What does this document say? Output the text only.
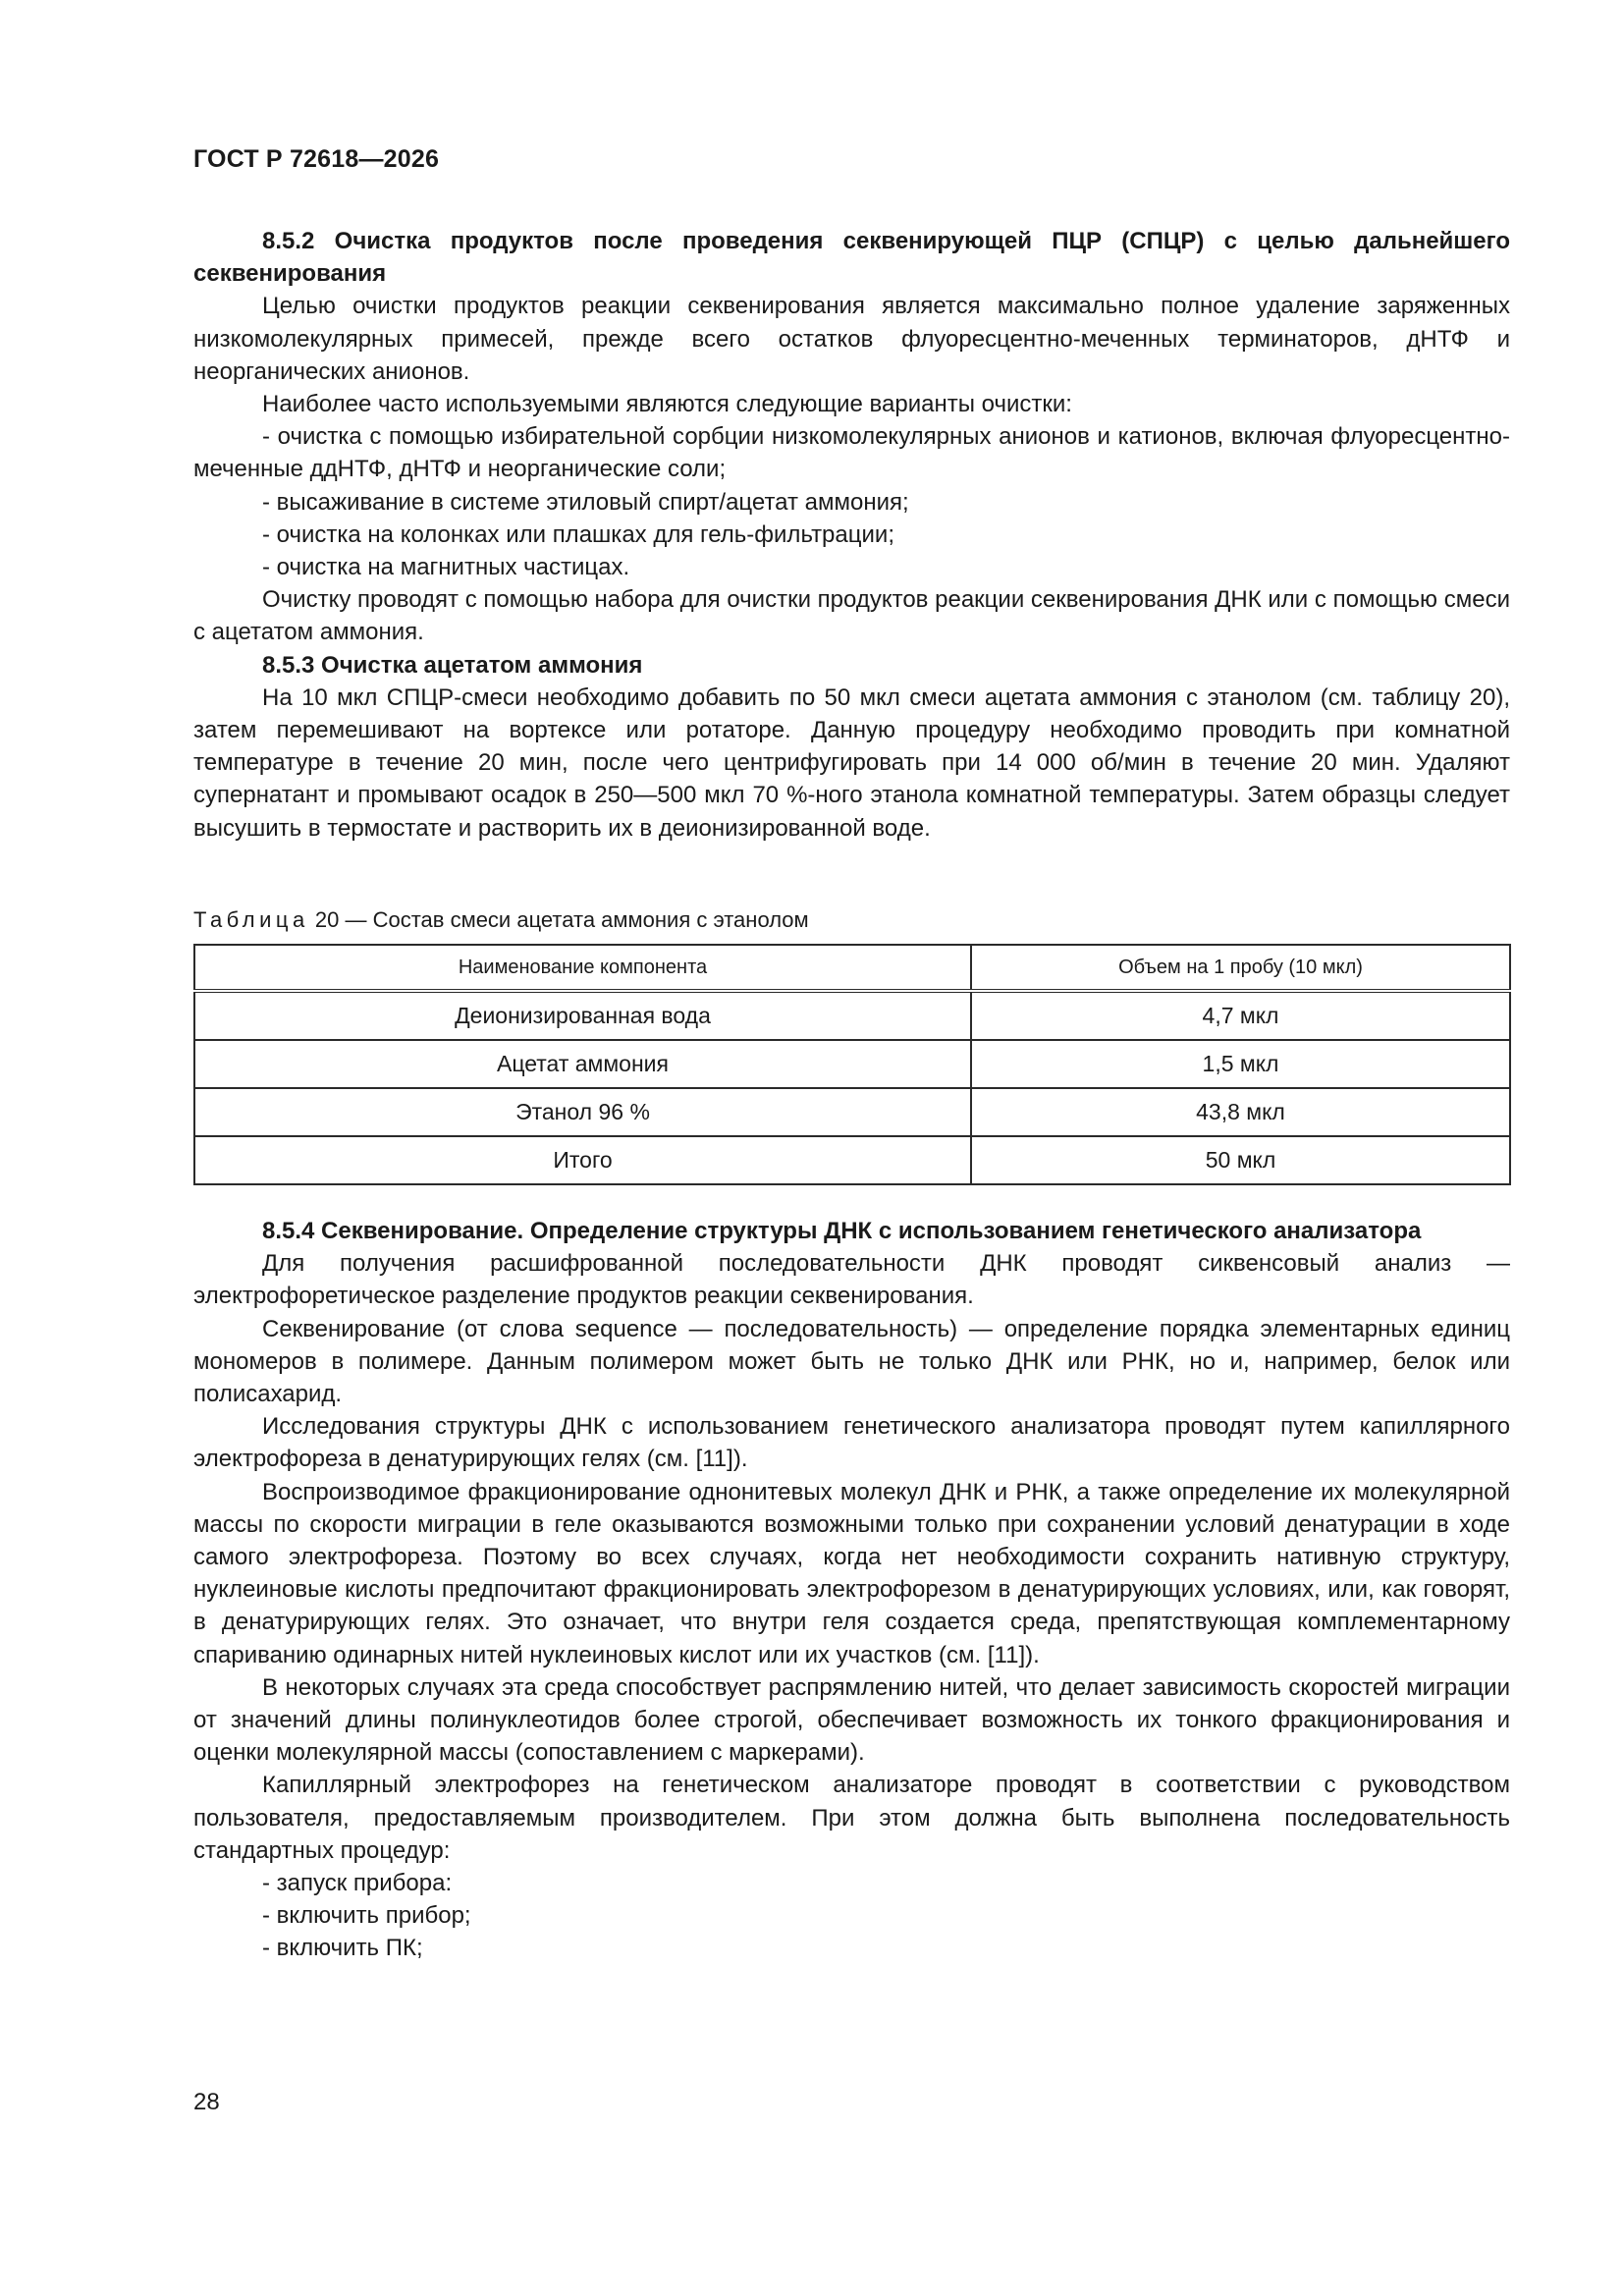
ГОСТ Р 72618—2026

8.5.2 Очистка продуктов после проведения секвенирующей ПЦР (СПЦР) с целью дальнейшего секвенирования

Целью очистки продуктов реакции секвенирования является максимально полное удаление заряженных низкомолекулярных примесей, прежде всего остатков флуоресцентно-меченных терминаторов, дНТФ и неорганических анионов.

Наиболее часто используемыми являются следующие варианты очистки:

- очистка с помощью избирательной сорбции низкомолекулярных анионов и катионов, включая флуоресцентно-меченные ддНТФ, дНТФ и неорганические соли;

- высаживание в системе этиловый спирт/ацетат аммония;

- очистка на колонках или плашках для гель-фильтрации;

- очистка на магнитных частицах.

Очистку проводят с помощью набора для очистки продуктов реакции секвенирования ДНК или с помощью смеси с ацетатом аммония.

8.5.3 Очистка ацетатом аммония

На 10 мкл СПЦР-смеси необходимо добавить по 50 мкл смеси ацетата аммония с этанолом (см. таблицу 20), затем перемешивают на вортексе или ротаторе. Данную процедуру необходимо проводить при комнатной температуре в течение 20 мин, после чего центрифугировать при 14 000 об/мин в течение 20 мин. Удаляют супернатант и промывают осадок в 250—500 мкл 70 %-ного этанола комнатной температуры. Затем образцы следует высушить в термостате и растворить их в деионизированной воде.

Таблица 20 — Состав смеси ацетата аммония с этанолом
Наименование компонента	Объем на 1 пробу (10 мкл)
Деионизированная вода	4,7 мкл
Ацетат аммония	1,5 мкл
Этанол 96 %	43,8 мкл
Итого	50 мкл

8.5.4 Секвенирование. Определение структуры ДНК с использованием генетического анализатора

Для получения расшифрованной последовательности ДНК проводят сиквенсовый анализ — электрофоретическое разделение продуктов реакции секвенирования.

Секвенирование (от слова sequence — последовательность) — определение порядка элементарных единиц мономеров в полимере. Данным полимером может быть не только ДНК или РНК, но и, например, белок или полисахарид.

Исследования структуры ДНК с использованием генетического анализатора проводят путем капиллярного электрофореза в денатурирующих гелях (см. [11]).

Воспроизводимое фракционирование однонитевых молекул ДНК и РНК, а также определение их молекулярной массы по скорости миграции в геле оказываются возможными только при сохранении условий денатурации в ходе самого электрофореза. Поэтому во всех случаях, когда нет необходимости сохранить нативную структуру, нуклеиновые кислоты предпочитают фракционировать электрофорезом в денатурирующих условиях, или, как говорят, в денатурирующих гелях. Это означает, что внутри геля создается среда, препятствующая комплементарному спариванию одинарных нитей нуклеиновых кислот или их участков (см. [11]).

В некоторых случаях эта среда способствует распрямлению нитей, что делает зависимость скоростей миграции от значений длины полинуклеотидов более строгой, обеспечивает возможность их тонкого фракционирования и оценки молекулярной массы (сопоставлением с маркерами).

Капиллярный электрофорез на генетическом анализаторе проводят в соответствии с руководством пользователя, предоставляемым производителем. При этом должна быть выполнена последовательность стандартных процедур:

- запуск прибора:

- включить прибор;

- включить ПК;

28
